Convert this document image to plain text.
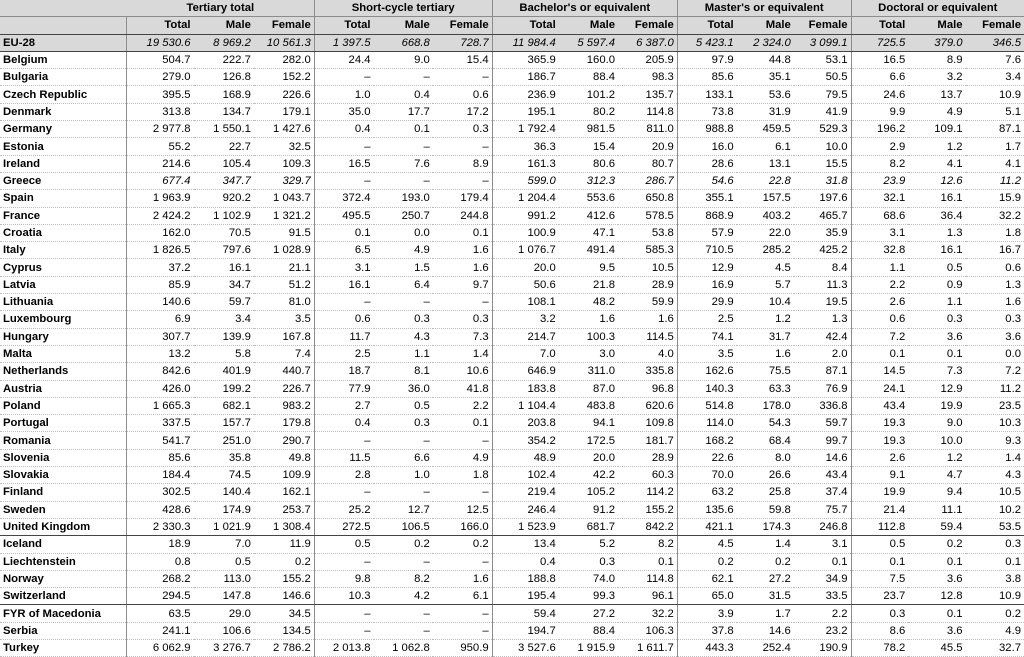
	Tertiary total			Short-cycle tertiary			Bachelor's or equivalent			Master's or equivalent			Doctoral or equivalent		
	Total	Male	Female	Total	Male	Female	Total	Male	Female	Total	Male	Female	Total	Male	Female
EU-28	19 530.6	8 969.2	10 561.3	1 397.5	668.8	728.7	11 984.4	5 597.4	6 387.0	5 423.1	2 324.0	3 099.1	725.5	379.0	346.5
Belgium	504.7	222.7	282.0	24.4	9.0	15.4	365.9	160.0	205.9	97.9	44.8	53.1	16.5	8.9	7.6
Bulgaria	279.0	126.8	152.2	–	–	–	186.7	88.4	98.3	85.6	35.1	50.5	6.6	3.2	3.4
Czech Republic	395.5	168.9	226.6	1.0	0.4	0.6	236.9	101.2	135.7	133.1	53.6	79.5	24.6	13.7	10.9
Denmark	313.8	134.7	179.1	35.0	17.7	17.2	195.1	80.2	114.8	73.8	31.9	41.9	9.9	4.9	5.1
Germany	2 977.8	1 550.1	1 427.6	0.4	0.1	0.3	1 792.4	981.5	811.0	988.8	459.5	529.3	196.2	109.1	87.1
Estonia	55.2	22.7	32.5	–	–	–	36.3	15.4	20.9	16.0	6.1	10.0	2.9	1.2	1.7
Ireland	214.6	105.4	109.3	16.5	7.6	8.9	161.3	80.6	80.7	28.6	13.1	15.5	8.2	4.1	4.1
Greece	677.4	347.7	329.7	–	–	–	599.0	312.3	286.7	54.6	22.8	31.8	23.9	12.6	11.2
Spain	1 963.9	920.2	1 043.7	372.4	193.0	179.4	1 204.4	553.6	650.8	355.1	157.5	197.6	32.1	16.1	15.9
France	2 424.2	1 102.9	1 321.2	495.5	250.7	244.8	991.2	412.6	578.5	868.9	403.2	465.7	68.6	36.4	32.2
Croatia	162.0	70.5	91.5	0.1	0.0	0.1	100.9	47.1	53.8	57.9	22.0	35.9	3.1	1.3	1.8
Italy	1 826.5	797.6	1 028.9	6.5	4.9	1.6	1 076.7	491.4	585.3	710.5	285.2	425.2	32.8	16.1	16.7
Cyprus	37.2	16.1	21.1	3.1	1.5	1.6	20.0	9.5	10.5	12.9	4.5	8.4	1.1	0.5	0.6
Latvia	85.9	34.7	51.2	16.1	6.4	9.7	50.6	21.8	28.9	16.9	5.7	11.3	2.2	0.9	1.3
Lithuania	140.6	59.7	81.0	–	–	–	108.1	48.2	59.9	29.9	10.4	19.5	2.6	1.1	1.6
Luxembourg	6.9	3.4	3.5	0.6	0.3	0.3	3.2	1.6	1.6	2.5	1.2	1.3	0.6	0.3	0.3
Hungary	307.7	139.9	167.8	11.7	4.3	7.3	214.7	100.3	114.5	74.1	31.7	42.4	7.2	3.6	3.6
Malta	13.2	5.8	7.4	2.5	1.1	1.4	7.0	3.0	4.0	3.5	1.6	2.0	0.1	0.1	0.0
Netherlands	842.6	401.9	440.7	18.7	8.1	10.6	646.9	311.0	335.8	162.6	75.5	87.1	14.5	7.3	7.2
Austria	426.0	199.2	226.7	77.9	36.0	41.8	183.8	87.0	96.8	140.3	63.3	76.9	24.1	12.9	11.2
Poland	1 665.3	682.1	983.2	2.7	0.5	2.2	1 104.4	483.8	620.6	514.8	178.0	336.8	43.4	19.9	23.5
Portugal	337.5	157.7	179.8	0.4	0.3	0.1	203.8	94.1	109.8	114.0	54.3	59.7	19.3	9.0	10.3
Romania	541.7	251.0	290.7	–	–	–	354.2	172.5	181.7	168.2	68.4	99.7	19.3	10.0	9.3
Slovenia	85.6	35.8	49.8	11.5	6.6	4.9	48.9	20.0	28.9	22.6	8.0	14.6	2.6	1.2	1.4
Slovakia	184.4	74.5	109.9	2.8	1.0	1.8	102.4	42.2	60.3	70.0	26.6	43.4	9.1	4.7	4.3
Finland	302.5	140.4	162.1	–	–	–	219.4	105.2	114.2	63.2	25.8	37.4	19.9	9.4	10.5
Sweden	428.6	174.9	253.7	25.2	12.7	12.5	246.4	91.2	155.2	135.6	59.8	75.7	21.4	11.1	10.2
United Kingdom	2 330.3	1 021.9	1 308.4	272.5	106.5	166.0	1 523.9	681.7	842.2	421.1	174.3	246.8	112.8	59.4	53.5
Iceland	18.9	7.0	11.9	0.5	0.2	0.2	13.4	5.2	8.2	4.5	1.4	3.1	0.5	0.2	0.3
Liechtenstein	0.8	0.5	0.2	–	–	–	0.4	0.3	0.1	0.2	0.2	0.1	0.1	0.1	0.1
Norway	268.2	113.0	155.2	9.8	8.2	1.6	188.8	74.0	114.8	62.1	27.2	34.9	7.5	3.6	3.8
Switzerland	294.5	147.8	146.6	10.3	4.2	6.1	195.4	99.3	96.1	65.0	31.5	33.5	23.7	12.8	10.9
FYR of Macedonia	63.5	29.0	34.5	–	–	–	59.4	27.2	32.2	3.9	1.7	2.2	0.3	0.1	0.2
Serbia	241.1	106.6	134.5	–	–	–	194.7	88.4	106.3	37.8	14.6	23.2	8.6	3.6	4.9
Turkey	6 062.9	3 276.7	2 786.2	2 013.8	1 062.8	950.9	3 527.6	1 915.9	1 611.7	443.3	252.4	190.9	78.2	45.5	32.7
